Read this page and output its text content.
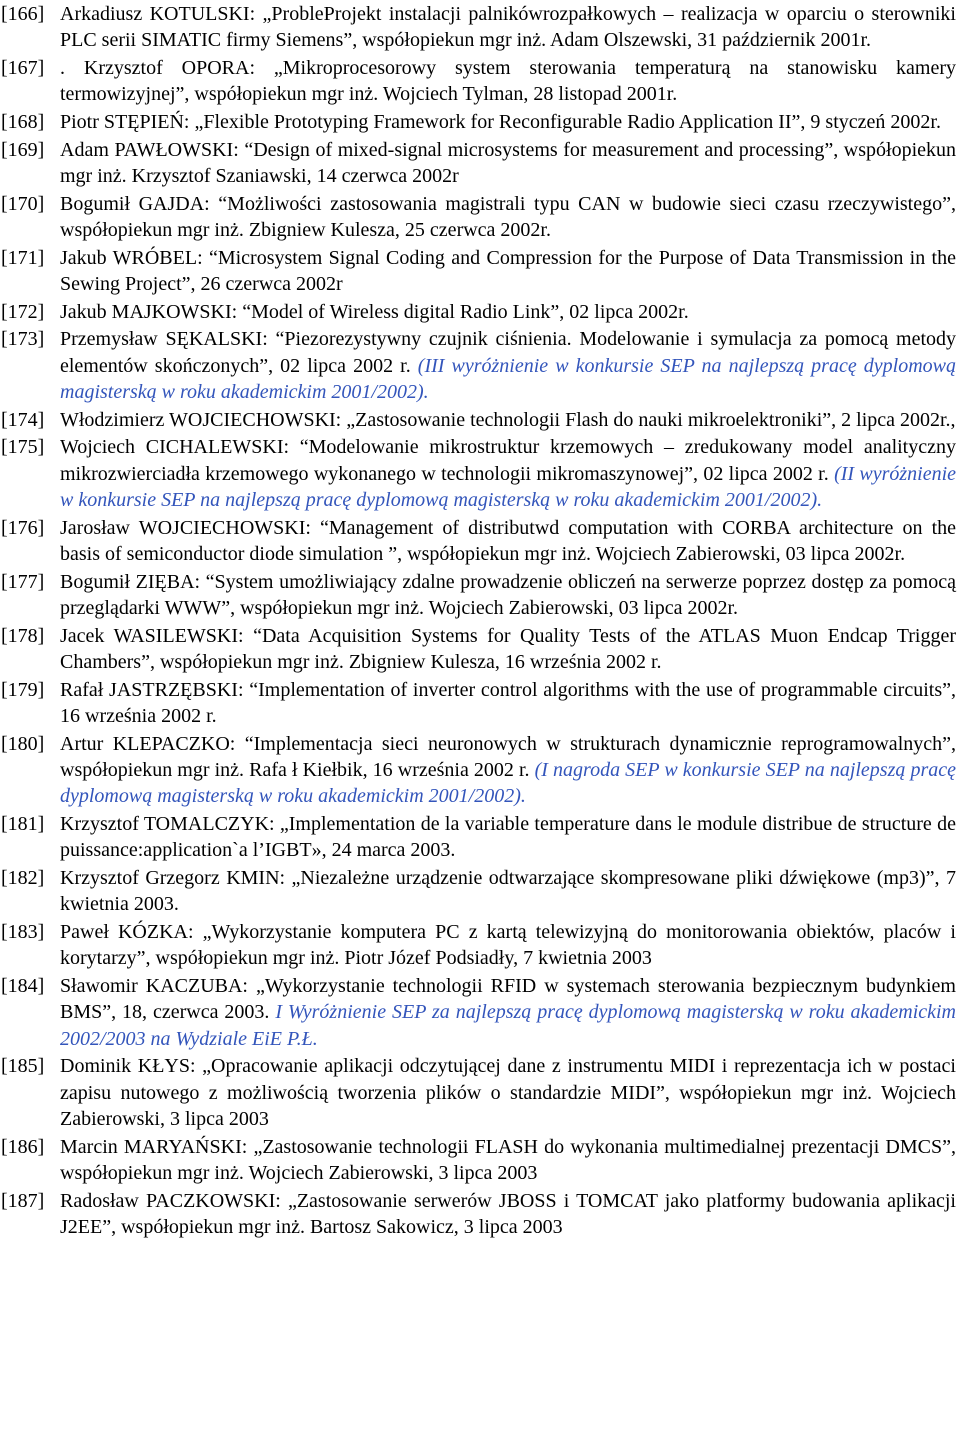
[166] Arkadiusz KOTULSKI: „ProbleProjekt instalacji palnikówrozpałkowych – realizacja w oparciu o sterowniki PLC serii SIMATIC firmy Siemens”, współopiekun mgr inż. Adam Olszewski, 31 październik 2001r.
[167] . Krzysztof OPORA: „Mikroprocesorowy system sterowania temperaturą na stanowisku kamery termowizyjnej”, współopiekun mgr inż. Wojciech Tylman, 28 listopad 2001r.
[168] Piotr STĘPIEŃ: „Flexible Prototyping Framework for Reconfigurable Radio Application II”, 9 styczeń 2002r.
[169] Adam PAWŁOWSKI: “Design of mixed-signal microsystems for measurement and processing”, współopiekun mgr inż. Krzysztof Szaniawski, 14 czerwca 2002r
[170] Bogumił GAJDA: “Możliwości zastosowania magistrali typu CAN w budowie sieci czasu rzeczywistego”, współopiekun mgr inż. Zbigniew Kulesza, 25 czerwca 2002r.
[171] Jakub WRÓBEL: “Microsystem Signal Coding and Compression for the Purpose of Data Transmission in the Sewing Project”, 26 czerwca 2002r
[172] Jakub MAJKOWSKI: “Model of Wireless digital Radio Link”, 02 lipca 2002r.
[173] Przemysław SĘKALSKI: “Piezorezystywny czujnik ciśnienia. Modelowanie i symulacja za pomocą metody elementów skończonych”, 02 lipca 2002 r. (III wyróżnienie w konkursie SEP na najlepszą pracę dyplomową magisterską w roku akademickim 2001/2002).
[174] Włodzimierz WOJCIECHOWSKI: „Zastosowanie technologii Flash do nauki mikroelektroniki”, 2 lipca 2002r.,
[175] Wojciech CICHALEWSKI: “Modelowanie mikrostruktur krzemowych – zredukowany model analityczny mikrozwierciadła krzemowego wykonanego w technologii mikromaszynowej”, 02 lipca 2002 r. (II wyróżnienie w konkursie SEP na najlepszą pracę dyplomową magisterską w roku akademickim 2001/2002).
[176] Jarosław WOJCIECHOWSKI: “Management of distributwd computation with CORBA architecture on the basis of semiconductor diode simulation ”, współopiekun mgr inż. Wojciech Zabierowski, 03 lipca 2002r.
[177] Bogumił ZIĘBA: “System umożliwiający zdalne prowadzenie obliczeń na serwerze poprzez dostęp za pomocą przeglądarki WWW”, współopiekun mgr inż. Wojciech Zabierowski, 03 lipca 2002r.
[178] Jacek WASILEWSKI: “Data Acquisition Systems for Quality Tests of the ATLAS Muon Endcap Trigger Chambers”, współopiekun mgr inż. Zbigniew Kulesza, 16 września 2002 r.
[179] Rafał JASTRZĘBSKI: “Implementation of inverter control algorithms with the use of programmable circuits”, 16 września 2002 r.
[180] Artur KLEPACZKO: “Implementacja sieci neuronowych w strukturach dynamicznie reprogramowalnych”, współopiekun mgr inż. Rafa ł Kiełbik, 16 września 2002 r. (I nagroda SEP w konkursie SEP na najlepszą pracę dyplomową magisterską w roku akademickim 2001/2002).
[181] Krzysztof TOMALCZYK: „Implementation de la variable temperature dans le module distribue de structure de puissance:application`a l’IGBT», 24 marca 2003.
[182] Krzysztof Grzegorz KMIN: „Niezależne urządzenie odtwarzające skompresowane pliki dźwiękowe (mp3)”, 7 kwietnia 2003.
[183] Paweł KÓZKA: „Wykorzystanie komputera PC z kartą telewizyjną do monitorowania obiektów, placów i korytarzy”, współopiekun mgr inż. Piotr Józef Podsiadły, 7 kwietnia 2003
[184] Sławomir KACZUBA: „Wykorzystanie technologii RFID w systemach sterowania bezpiecznym budynkiem BMS”, 18, czerwca 2003. I Wyróżnienie SEP za najlepszą pracę dyplomową magisterską w roku akademickim 2002/2003 na Wydziale EiE P.Ł.
[185] Dominik KŁYS: „Opracowanie aplikacji odczytującej dane z instrumentu MIDI i reprezentacja ich w postaci zapisu nutowego z możliwością tworzenia plików o standardzie MIDI”, współopiekun mgr inż. Wojciech Zabierowski, 3 lipca 2003
[186] Marcin MARYAŃSKI: „Zastosowanie technologii FLASH do wykonania multimedialnej prezentacji DMCS”, współopiekun mgr inż. Wojciech Zabierowski, 3 lipca 2003
[187] Radosław PACZKOWSKI: „Zastosowanie serwerów JBOSS i TOMCAT jako platformy budowania aplikacji J2EE”, współopiekun mgr inż. Bartosz Sakowicz, 3 lipca 2003
